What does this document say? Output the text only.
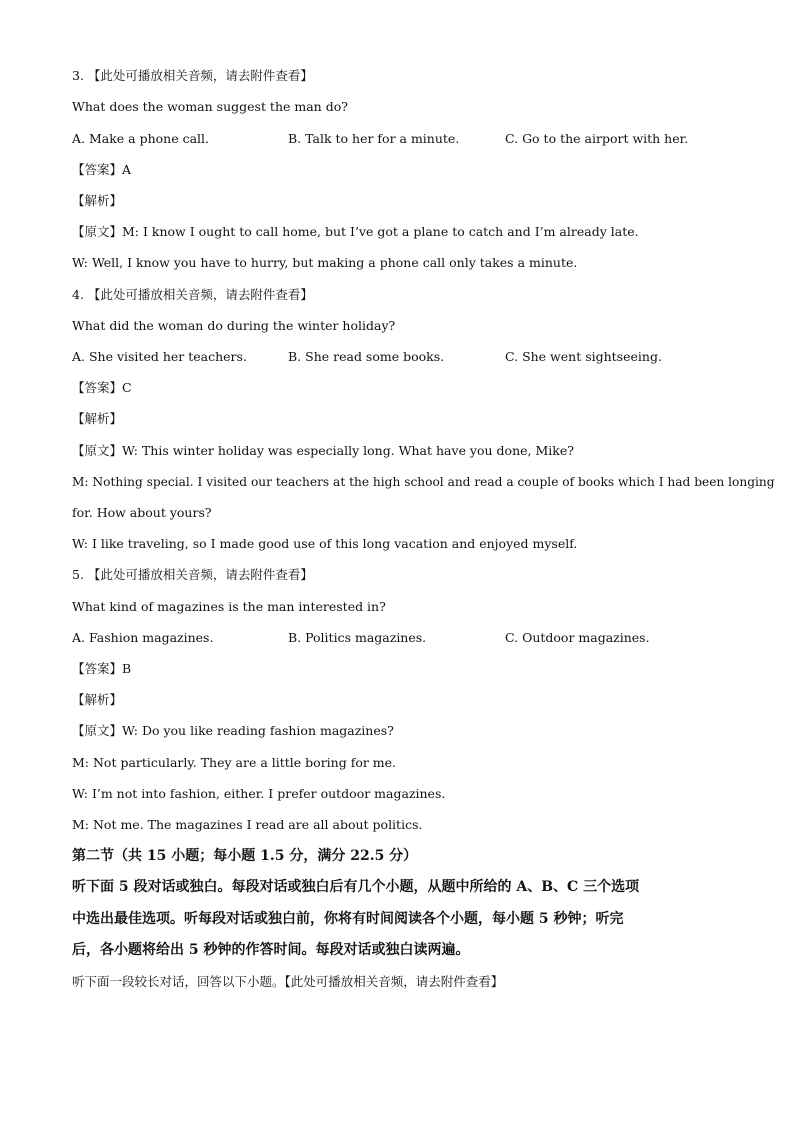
3. 【此处可播放相关音频，请去附件查看】
What does the woman suggest the man do?
A. Make a phone call.	B. Talk to her for a minute.	C. Go to the airport with her.
【答案】A
【解析】
【原文】M: I know I ought to call home, but I’ve got a plane to catch and I’m already late.
W: Well, I know you have to hurry, but making a phone call only takes a minute.
4. 【此处可播放相关音频，请去附件查看】
What did the woman do during the winter holiday?
A. She visited her teachers.	B. She read some books.	C. She went sightseeing.
【答案】C
【解析】
【原文】W: This winter holiday was especially long. What have you done, Mike?
M: Nothing special. I visited our teachers at the high school and read a couple of books which I had been longing
for. How about yours?
W: I like traveling, so I made good use of this long vacation and enjoyed myself.
5. 【此处可播放相关音频，请去附件查看】
What kind of magazines is the man interested in?
A. Fashion magazines.	B. Politics magazines.	C. Outdoor magazines.
【答案】B
【解析】
【原文】W: Do you like reading fashion magazines?
M: Not particularly. They are a little boring for me.
W: I’m not into fashion, either. I prefer outdoor magazines.
M: Not me. The magazines I read are all about politics.
第二节（共 15 小题；每小题 1.5 分，满分 22.5 分）
听下面 5 段对话或独白。每段对话或独白后有几个小题，从题中所给的 A、B、C 三个选项
中选出最佳选项。听每段对话或独白前，你将有时间阅读各个小题，每小题 5 秒钟；听完
后，各小题将给出 5 秒钟的作答时间。每段对话或独白读两遍。
听下面一段较长对话，回答以下小题。【此处可播放相关音频，请去附件查看】
